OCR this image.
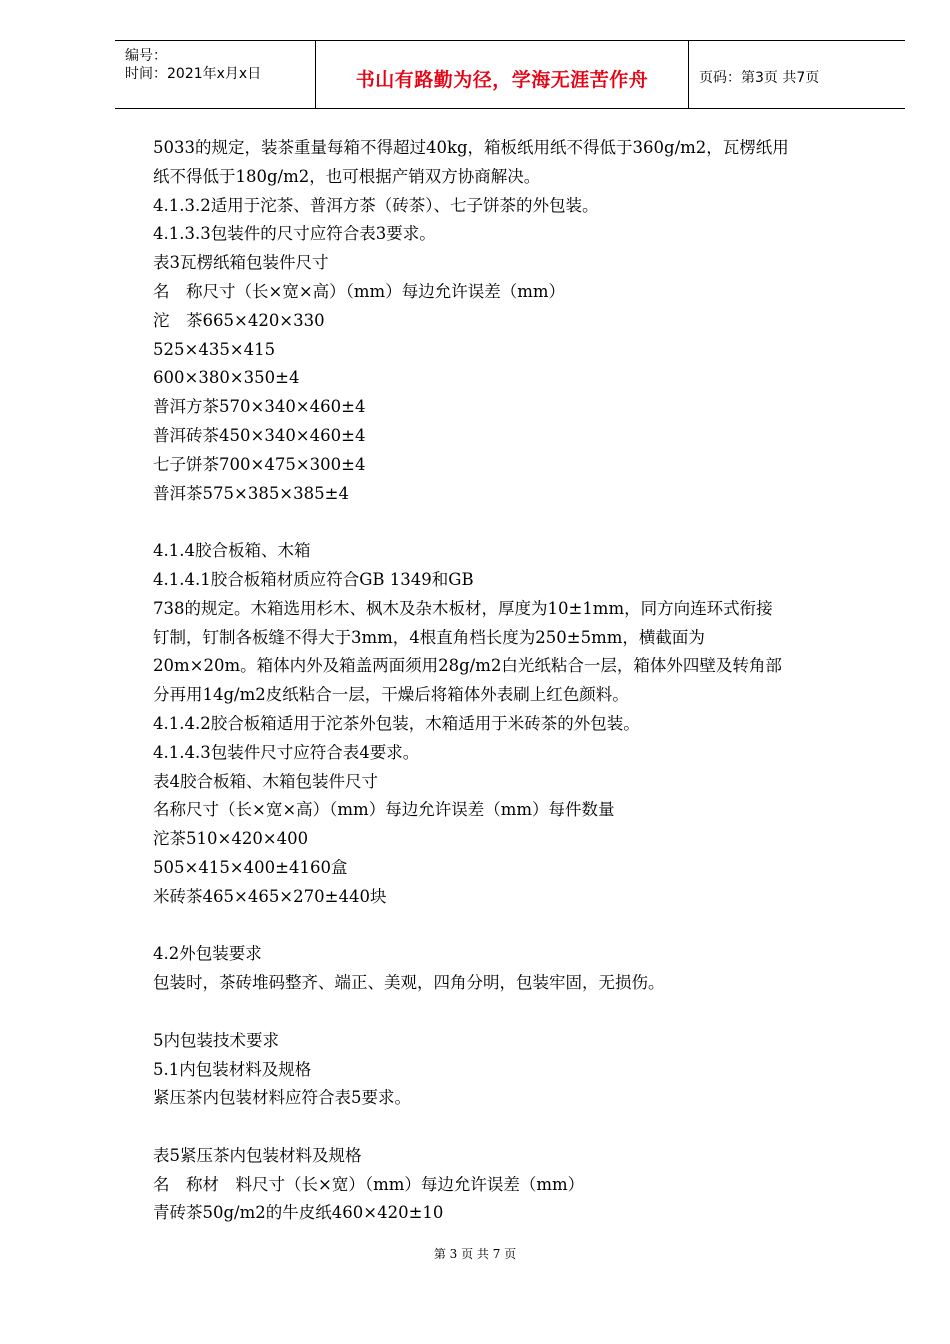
编号：
时间：2021年x月x日	书山有路勤为径，学海无涯苦作舟	页码：第3页 共7页

5033的规定，装茶重量每箱不得超过40kg，箱板纸用纸不得低于360g/m2，瓦楞纸用

纸不得低于180g/m2，也可根据产销双方协商解决。

4.1.3.2适用于沱茶、普洱方茶（砖茶）、七子饼茶的外包装。

4.1.3.3包装件的尺寸应符合表3要求。

表3瓦楞纸箱包装件尺寸

名　称尺寸（长×宽×高）（mm）每边允许误差（mm）

沱　茶665×420×330

525×435×415

600×380×350±4

普洱方茶570×340×460±4

普洱砖茶450×340×460±4

七子饼茶700×475×300±4

普洱茶575×385×385±4

4.1.4胶合板箱、木箱

4.1.4.1胶合板箱材质应符合GB 1349和GB

738的规定。木箱选用杉木、枫木及杂木板材，厚度为10±1mm，同方向连环式衔接

钉制，钉制各板缝不得大于3mm，4根直角档长度为250±5mm，横截面为

20m×20m。箱体内外及箱盖两面须用28g/m2白光纸粘合一层，箱体外四壁及转角部

分再用14g/m2皮纸粘合一层，干燥后将箱体外表刷上红色颜料。

4.1.4.2胶合板箱适用于沱茶外包装，木箱适用于米砖茶的外包装。

4.1.4.3包装件尺寸应符合表4要求。

表4胶合板箱、木箱包装件尺寸

名称尺寸（长×宽×高）（mm）每边允许误差（mm）每件数量

沱茶510×420×400

505×415×400±4160盒

米砖茶465×465×270±440块

4.2外包装要求

包装时，茶砖堆码整齐、端正、美观，四角分明，包装牢固，无损伤。

5内包装技术要求

5.1内包装材料及规格

紧压茶内包装材料应符合表5要求。

表5紧压茶内包装材料及规格

名　称材　料尺寸（长×宽）（mm）每边允许误差（mm）

青砖茶50g/m2的牛皮纸460×420±10

第 3 页 共 7 页
